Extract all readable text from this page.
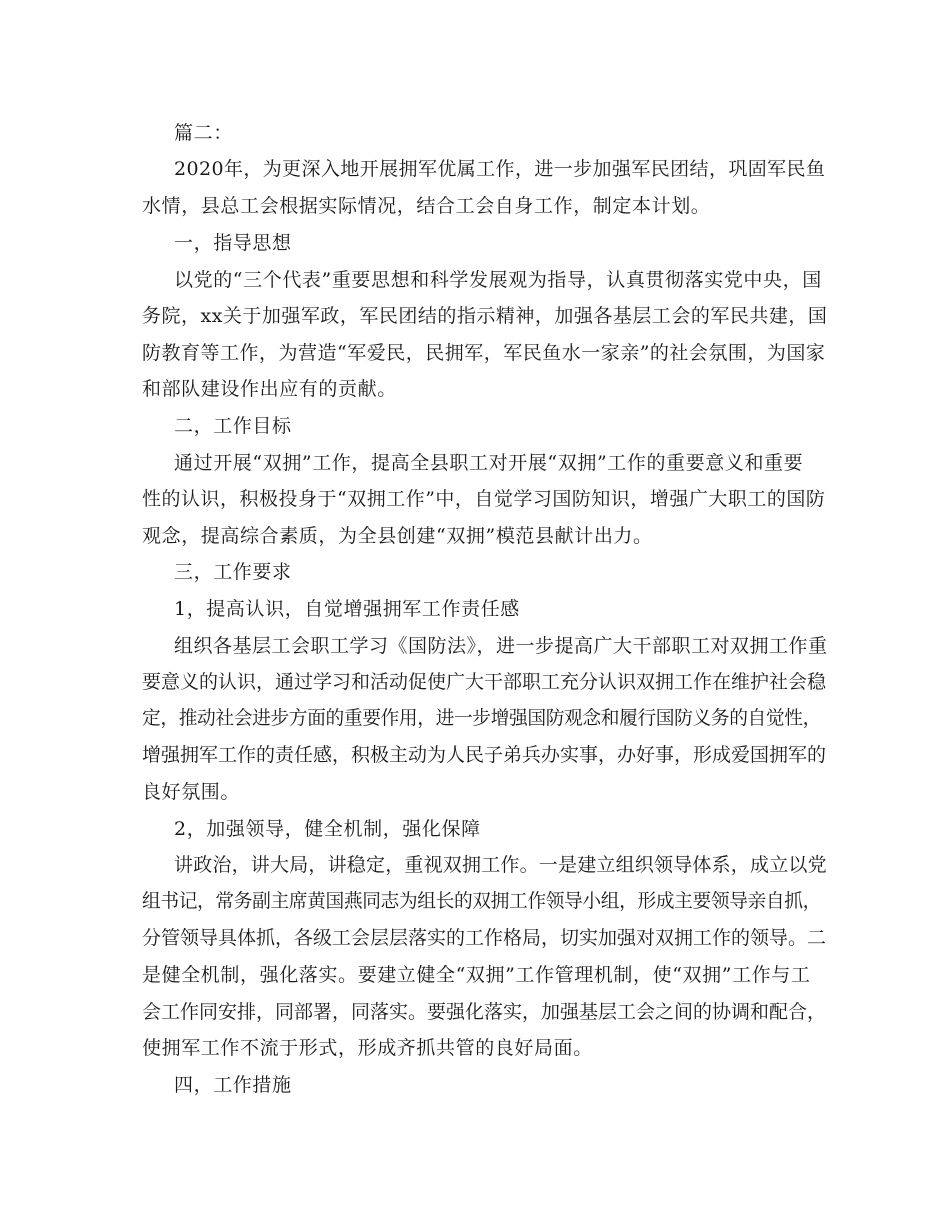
篇二：
2020年，为更深入地开展拥军优属工作，进一步加强军民团结，巩固军民鱼
水情，县总工会根据实际情况，结合工会自身工作，制定本计划。
一，指导思想
以党的“三个代表”重要思想和科学发展观为指导，认真贯彻落实党中央，国
务院，xx关于加强军政，军民团结的指示精神，加强各基层工会的军民共建，国
防教育等工作，为营造“军爱民，民拥军，军民鱼水一家亲”的社会氛围，为国家
和部队建设作出应有的贡献。
二，工作目标
通过开展“双拥”工作，提高全县职工对开展“双拥”工作的重要意义和重要
性的认识，积极投身于“双拥工作”中，自觉学习国防知识，增强广大职工的国防
观念，提高综合素质，为全县创建“双拥”模范县献计出力。
三，工作要求
1，提高认识，自觉增强拥军工作责任感
组织各基层工会职工学习《国防法》，进一步提高广大干部职工对双拥工作重
要意义的认识，通过学习和活动促使广大干部职工充分认识双拥工作在维护社会稳
定，推动社会进步方面的重要作用，进一步增强国防观念和履行国防义务的自觉性，
增强拥军工作的责任感，积极主动为人民子弟兵办实事，办好事，形成爱国拥军的
良好氛围。
2，加强领导，健全机制，强化保障
讲政治，讲大局，讲稳定，重视双拥工作。一是建立组织领导体系，成立以党
组书记，常务副主席黄国燕同志为组长的双拥工作领导小组，形成主要领导亲自抓，
分管领导具体抓，各级工会层层落实的工作格局，切实加强对双拥工作的领导。二
是健全机制，强化落实。要建立健全“双拥”工作管理机制，使“双拥”工作与工
会工作同安排，同部署，同落实。要强化落实，加强基层工会之间的协调和配合，
使拥军工作不流于形式，形成齐抓共管的良好局面。
四，工作措施
